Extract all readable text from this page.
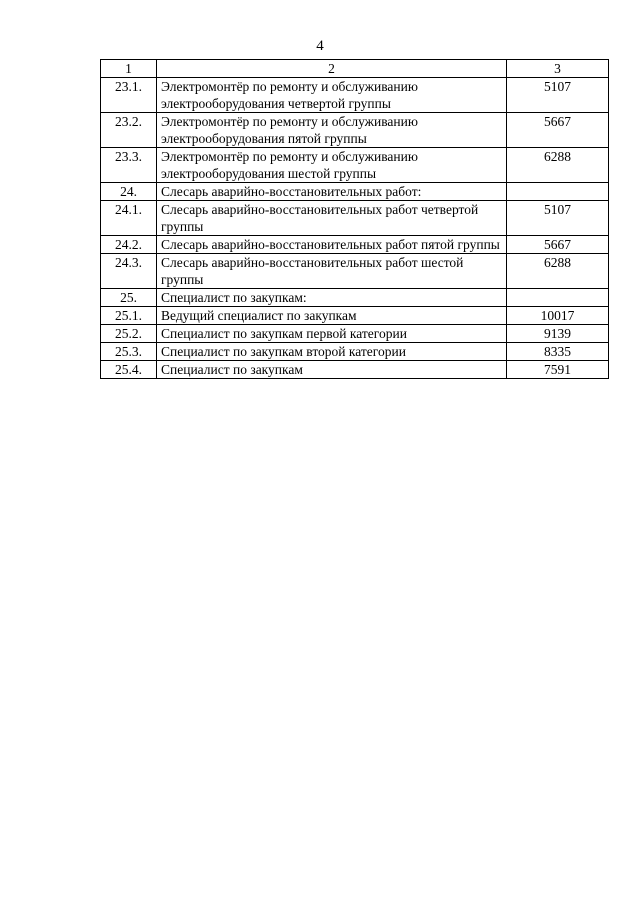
4
1	2	3
23.1.	Электромонтёр по ремонту и обслуживанию электрооборудования четвертой группы	5107
23.2.	Электромонтёр по ремонту и обслуживанию электрооборудования пятой группы	5667
23.3.	Электромонтёр по ремонту и обслуживанию электрооборудования шестой группы	6288
24.	Слесарь аварийно-восстановительных работ:	
24.1.	Слесарь аварийно-восстановительных работ четвертой группы	5107
24.2.	Слесарь аварийно-восстановительных работ пятой группы	5667
24.3.	Слесарь аварийно-восстановительных работ шестой группы	6288
25.	Специалист по закупкам:	
25.1.	Ведущий специалист по закупкам	10017
25.2.	Специалист по закупкам первой категории	9139
25.3.	Специалист по закупкам второй категории	8335
25.4.	Специалист по закупкам	7591
